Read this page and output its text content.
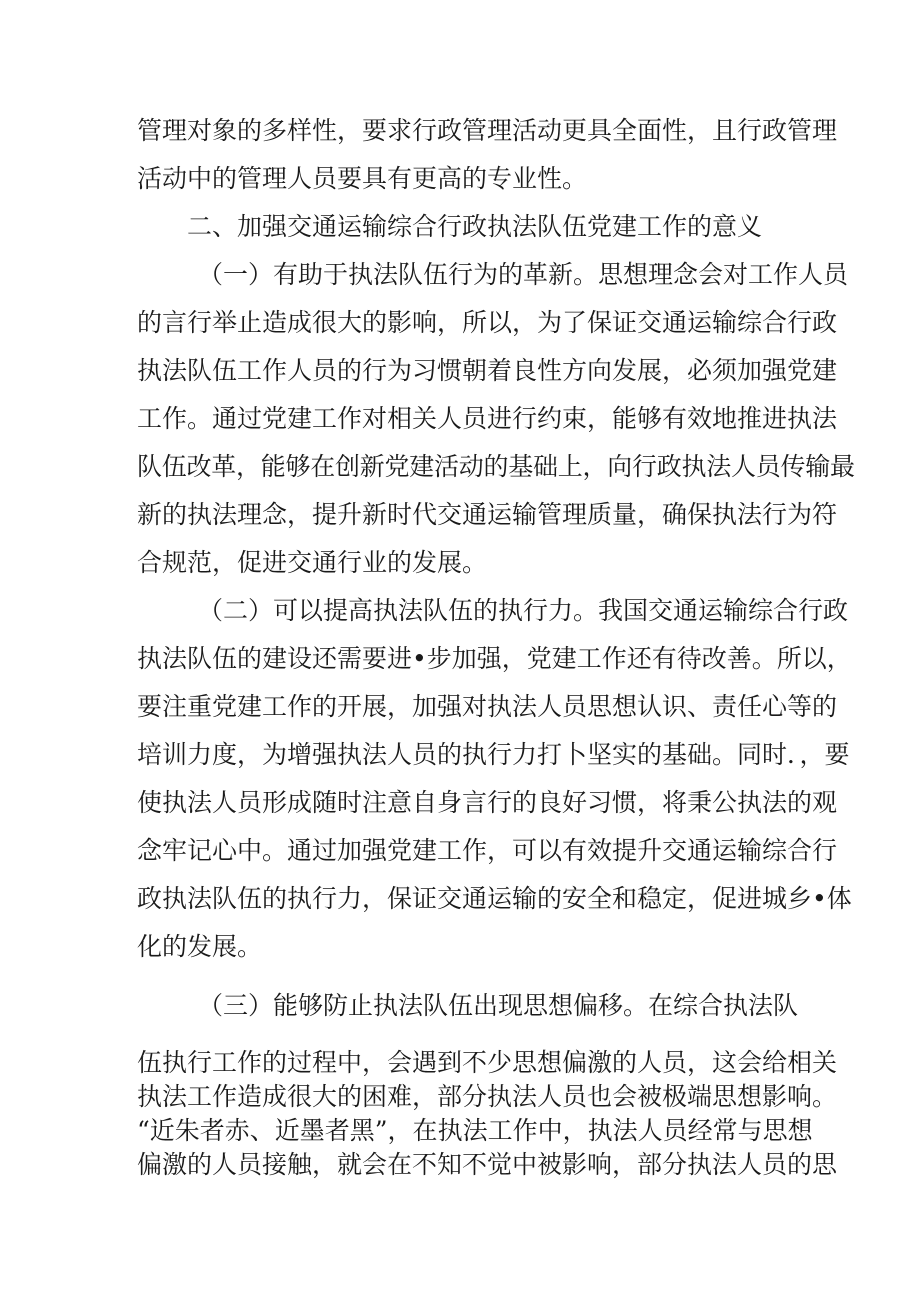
管理对象的多样性，要求行政管理活动更具全面性，且行政管理

活动中的管理人员要具有更高的专业性。

二、加强交通运输综合行政执法队伍党建工作的意义

（一）有助于执法队伍行为的革新。思想理念会对工作人员

的言行举止造成很大的影响，所以，为了保证交通运输综合行政

执法队伍工作人员的行为习惯朝着良性方向发展，必须加强党建

工作。通过党建工作对相关人员进行约束，能够有效地推进执法

队伍改革，能够在创新党建活动的基础上，向行政执法人员传输最

新的执法理念，提升新时代交通运输管理质量，确保执法行为符

合规范，促进交通行业的发展。

（二）可以提高执法队伍的执行力。我国交通运输综合行政

执法队伍的建设还需要进•步加强，党建工作还有待改善。所以，

要注重党建工作的开展，加强对执法人员思想认识、责任心等的

培训力度，为增强执法人员的执行力打卜坚实的基础。同时．，要

使执法人员形成随时注意自身言行的良好习惯，将秉公执法的观

念牢记心中。通过加强党建工作，可以有效提升交通运输综合行

政执法队伍的执行力，保证交通运输的安全和稳定，促进城乡•体

化的发展。

（三）能够防止执法队伍出现思想偏移。在综合执法队

伍执行工作的过程中，会遇到不少思想偏激的人员，这会给相关

执法工作造成很大的困难，部分执法人员也会被极端思想影响。

“近朱者赤、近墨者黑”，在执法工作中，执法人员经常与思想

偏激的人员接触，就会在不知不觉中被影响，部分执法人员的思
